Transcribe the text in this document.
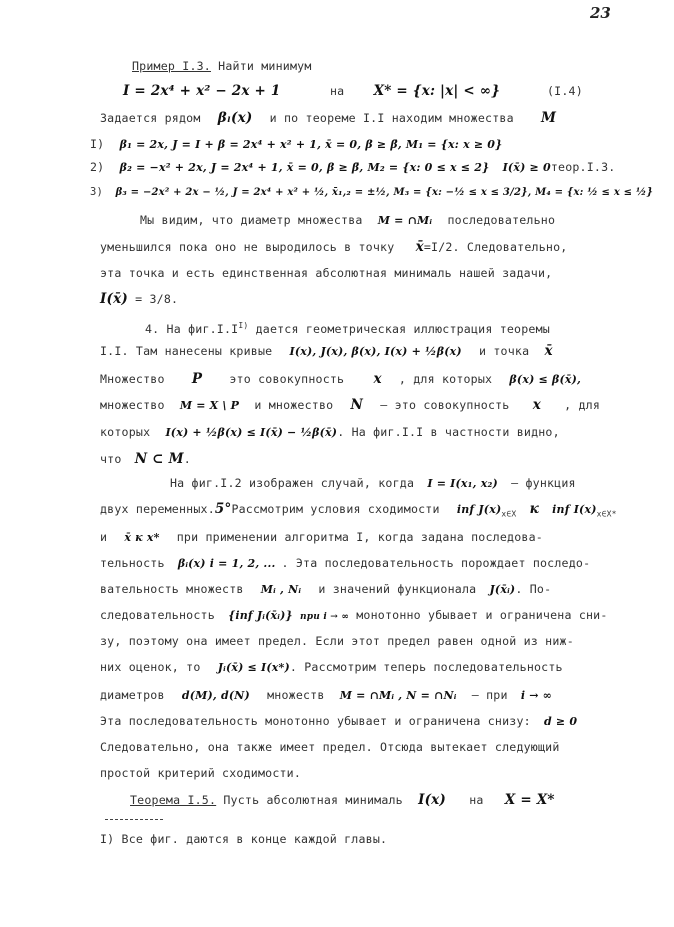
23
Пример I.3. Найти минимум
I = 2x⁴ + x² − 2x + 1	на X* = {x: |x| < ∞}	(I.4)
Задается рядом βₗ(x) и по теореме I.I находим множества M
I) β₁ = 2x, J = I + β = 2x⁴ + x² + 1, x̄ = 0, β ≥ β̄, M₁ = {x: x ≥ 0}
2) β₂ = −x² + 2x, J = 2x⁴ + 1, x̄ = 0, β ≥ β̄, M₂ = {x: 0 ≤ x ≤ 2} I(x̄) ≥ 0теор.I.3.
3) β₃ = −2x² + 2x − ½, J = 2x⁴ + x² + ½, x̄₁,₂ = ±½, M₃ = {x: −½ ≤ x ≤ 3/2}, M₄ = {x: ½ ≤ x ≤ ½}
Мы видим, что диаметр множества M = ∩Mᵢ последовательно
уменьшился пока оно не выродилось в точку x̄=I/2. Следовательно,
эта точка и есть единственная абсолютная минималь нашей задачи,
I(x̄) = 3/8.
4. На $фиг.I.I^{I)}$ дается геометрическая иллюстрация теоремы
I.I. Там нанесены кривые I(x), J(x), β(x), I(x) + ½β(x) и точка x̄
Множество P это совокупность x , для которых β(x) ≤ β(x̄),
множество M = X \ P и множество N – это совокупность x , для
которых I(x) + ½β(x) ≤ I(x̄) − ½β(x̄). На фиг.I.I в частности видно,
что N ⊂ M.
На фиг.I.2 изображен случай, когда I = I(x₁, x₂) – функция
двух переменных.5°Рассмотрим условия сходимости inf $J(x)_{x\in X}$ к inf $I(x)_{x\in X*}$
и x̄ к x* при применении алгоритма I, когда задана последова-
тельность βᵢ(x) i = 1, 2, ... . Эта последовательность порождает последо-
вательность множеств Mᵢ , Nᵢ и значений функционала J(x̄ᵢ). По-
следовательность {inf Jᵢ(x̄ᵢ)} при i → ∞ монотонно убывает и ограничена сни-
зу, поэтому она имеет предел. Если этот предел равен одной из ниж-
них оценок, то Jᵢ(x̄) ≤ I(x*). Рассмотрим теперь последовательность
диаметров d(M), d(N) множеств M = ∩Mᵢ , N = ∩Nᵢ – при i → ∞
Эта последовательность монотонно убывает и ограничена снизу: d ≥ 0
Следовательно, она также имеет предел. Отсюда вытекает следующий
простой критерий сходимости.
Теорема I.5. Пусть абсолютная минималь I(x) на X = X*
I) Все фиг. даются в конце каждой главы.
